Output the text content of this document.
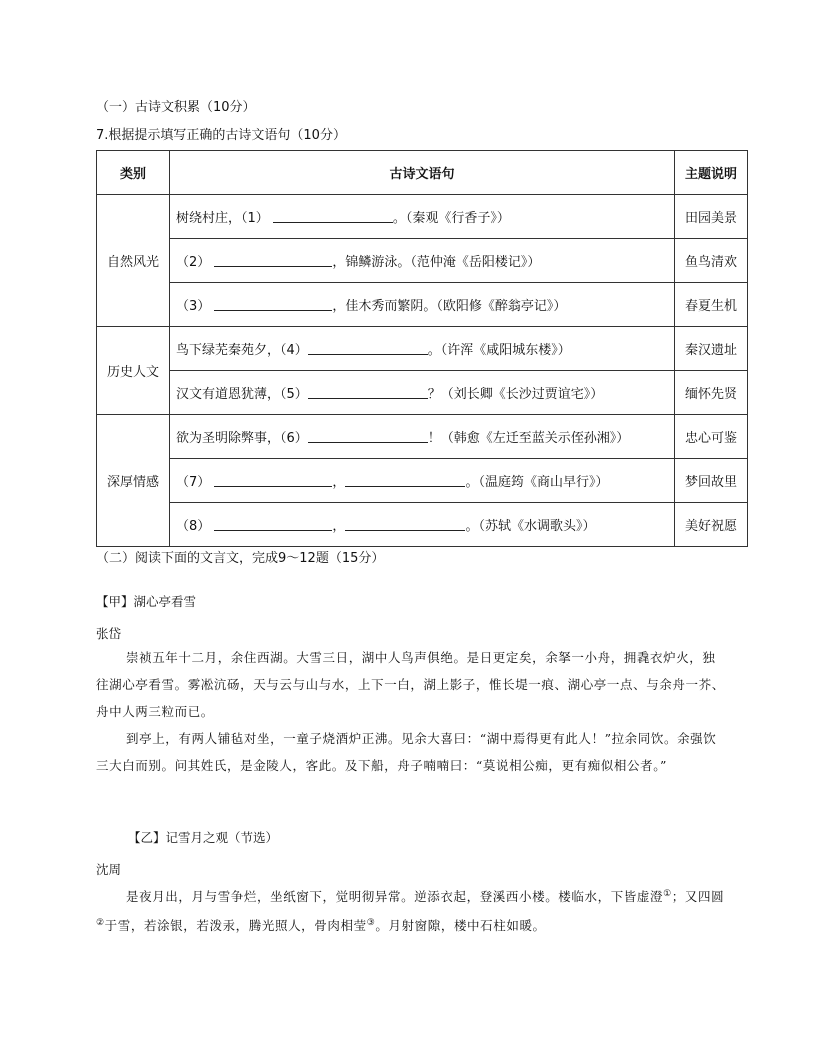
（一）古诗文积累（10分）
7.根据提示填写正确的古诗文语句（10分）
类别	古诗文语句	主题说明
自然风光	树绕村庄，（1） 。（秦观《行香子》）	田园美景
	（2） ，锦鳞游泳。（范仲淹《岳阳楼记》）	鱼鸟清欢
	（3） ，佳木秀而繁阴。（欧阳修《醉翁亭记》）	春夏生机
历史人文	鸟下绿芜秦苑夕，（4） 。（许浑《咸阳城东楼》）	秦汉遗址
	汉文有道恩犹薄，（5） ？（刘长卿《长沙过贾谊宅》）	缅怀先贤
深厚情感	欲为圣明除弊事，（6） ！（韩愈《左迁至蓝关示侄孙湘》）	忠心可鉴
	（7） ， 。（温庭筠《商山早行》）	梦回故里
	（8） ， 。（苏轼《水调歌头》）	美好祝愿
（二）阅读下面的文言文，完成9～12题（15分）
【甲】湖心亭看雪
张岱
崇祯五年十二月，余住西湖。大雪三日，湖中人鸟声俱绝。是日更定矣，余拏一小舟，拥毳衣炉火，独往湖心亭看雪。雾凇沆砀，天与云与山与水，上下一白，湖上影子，惟长堤一痕、湖心亭一点、与余舟一芥、舟中人两三粒而已。
到亭上，有两人铺毡对坐，一童子烧酒炉正沸。见余大喜曰：“湖中焉得更有此人！”拉余同饮。余强饮三大白而别。问其姓氏，是金陵人，客此。及下船，舟子喃喃曰：“莫说相公痴，更有痴似相公者。”
【乙】记雪月之观（节选）
沈周
是夜月出，月与雪争烂，坐纸窗下，觉明彻异常。逆添衣起，登溪西小楼。楼临水，下皆虚澄①；又四圆②于雪，若涂银，若泼汞，腾光照人，骨肉相莹③。月射窗隙，楼中石柱如暖。
